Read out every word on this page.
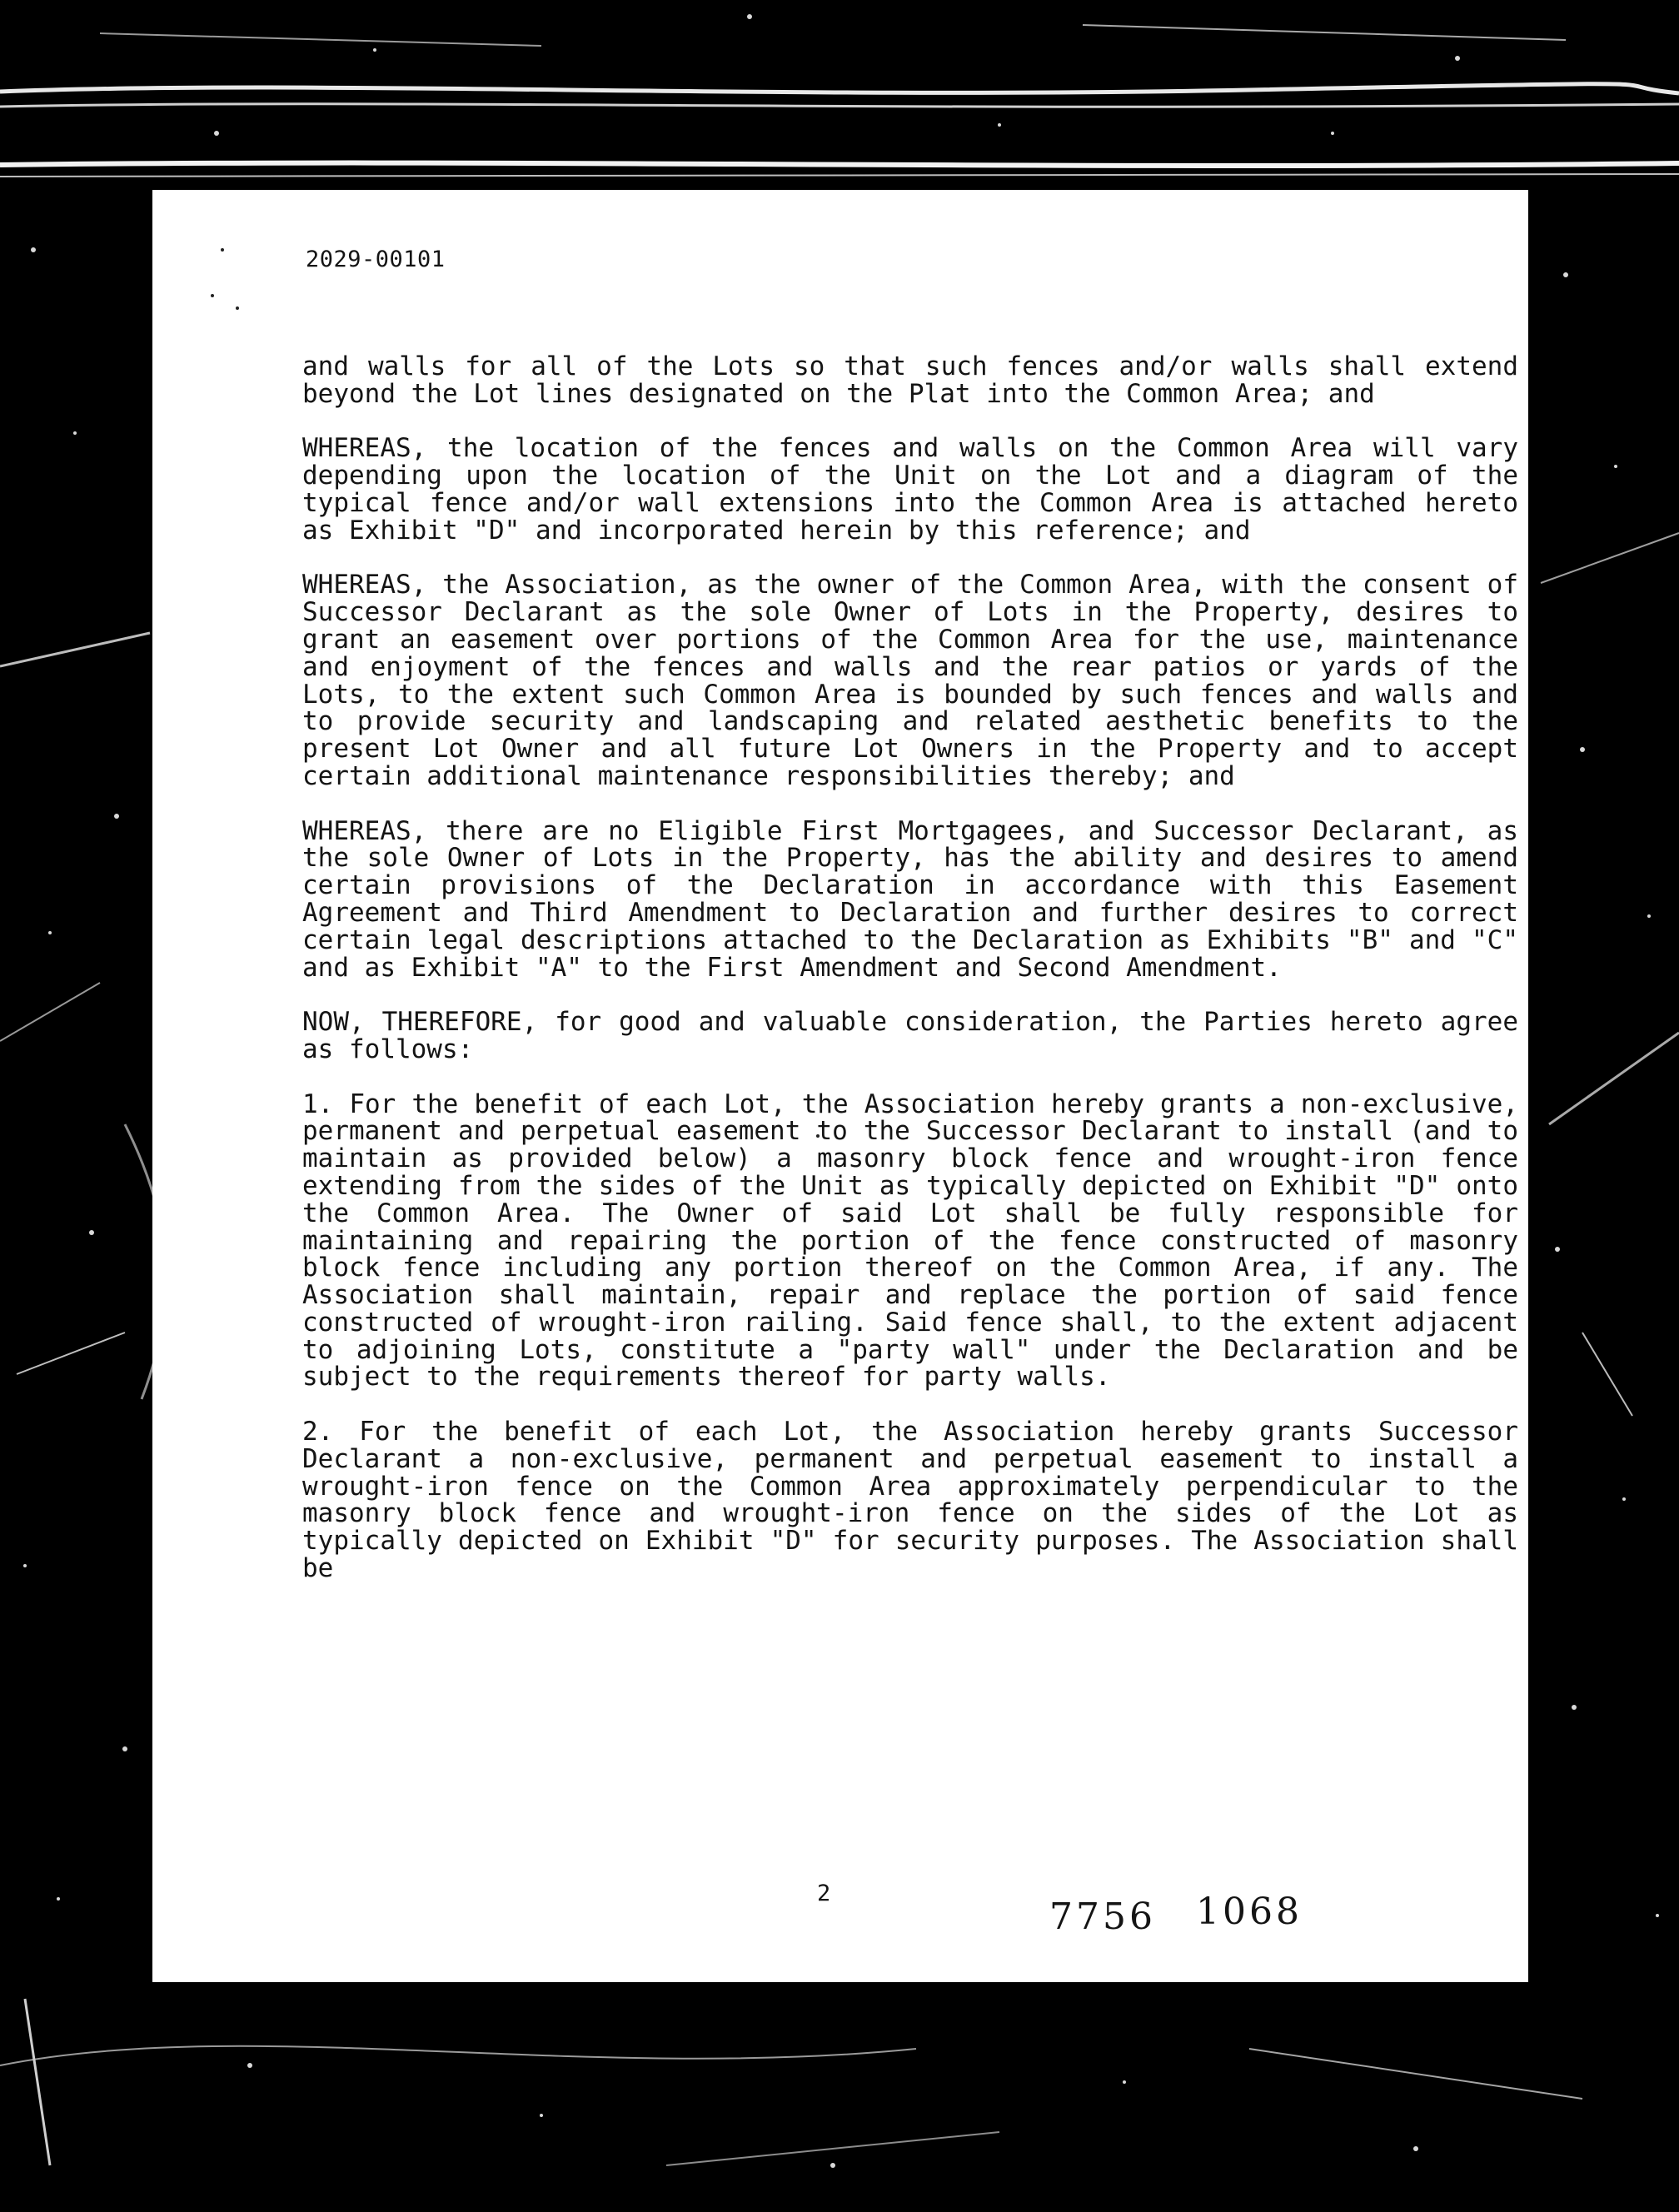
2029-00101

and walls for all of the Lots so that such fences and/or walls shall extend beyond the Lot lines designated on the Plat into the Common Area; and

WHEREAS, the location of the fences and walls on the Common Area will vary depending upon the location of the Unit on the Lot and a diagram of the typical fence and/or wall extensions into the Common Area is attached hereto as Exhibit "D" and incorporated herein by this reference; and

WHEREAS, the Association, as the owner of the Common Area, with the consent of Successor Declarant as the sole Owner of Lots in the Property, desires to grant an easement over portions of the Common Area for the use, maintenance and enjoyment of the fences and walls and the rear patios or yards of the Lots, to the extent such Common Area is bounded by such fences and walls and to provide security and landscaping and related aesthetic benefits to the present Lot Owner and all future Lot Owners in the Property and to accept certain additional maintenance responsibilities thereby; and

WHEREAS, there are no Eligible First Mortgagees, and Successor Declarant, as the sole Owner of Lots in the Property, has the ability and desires to amend certain provisions of the Declaration in accordance with this Easement Agreement and Third Amendment to Declaration and further desires to correct certain legal descriptions attached to the Declaration as Exhibits "B" and "C" and as Exhibit "A" to the First Amendment and Second Amendment.

NOW, THEREFORE, for good and valuable consideration, the Parties hereto agree as follows:

1. For the benefit of each Lot, the Association hereby grants a non-exclusive, permanent and perpetual easement to the Successor Declarant to install (and to maintain as provided below) a masonry block fence and wrought-iron fence extending from the sides of the Unit as typically depicted on Exhibit "D" onto the Common Area. The Owner of said Lot shall be fully responsible for maintaining and repairing the portion of the fence constructed of masonry block fence including any portion thereof on the Common Area, if any. The Association shall maintain, repair and replace the portion of said fence constructed of wrought-iron railing. Said fence shall, to the extent adjacent to adjoining Lots, constitute a "party wall" under the Declaration and be subject to the requirements thereof for party walls.

2. For the benefit of each Lot, the Association hereby grants Successor Declarant a non-exclusive, permanent and perpetual easement to install a wrought-iron fence on the Common Area approximately perpendicular to the masonry block fence and wrought-iron fence on the sides of the Lot as typically depicted on Exhibit "D" for security purposes. The Association shall be

2
7756 1068
